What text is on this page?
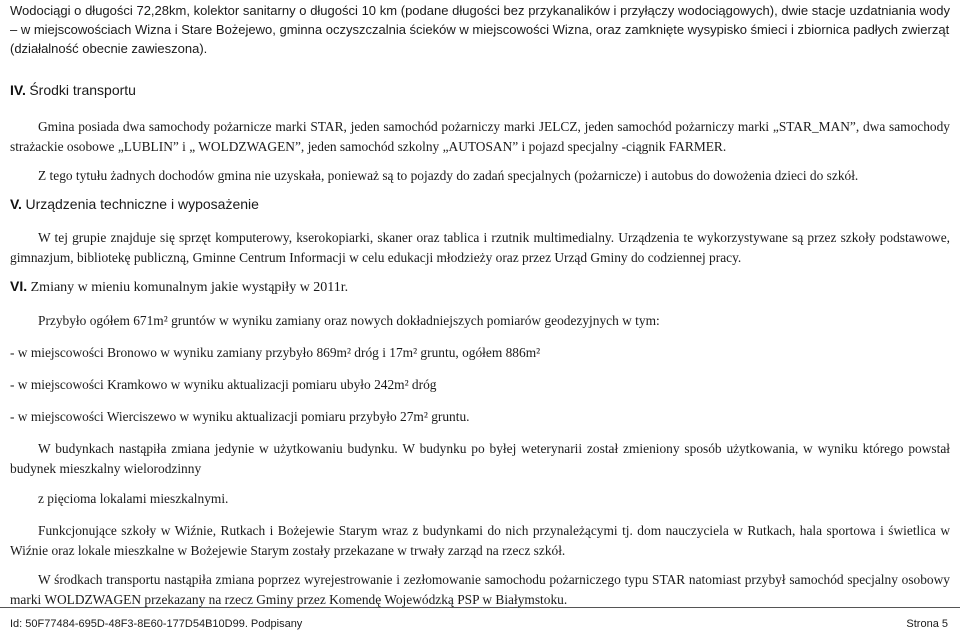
Wodociągi o długości 72,28km, kolektor sanitarny o długości 10 km (podane długości bez przykanalików i przyłączy wodociągowych), dwie stacje uzdatniania wody – w miejscowościach Wizna i Stare Bożejewo, gminna oczyszczalnia ścieków w miejscowości Wizna, oraz zamknięte wysypisko śmieci i zbiornica padłych zwierząt
(działalność obecnie zawieszona).

IV. Środki transportu

Gmina posiada dwa samochody pożarnicze marki STAR, jeden samochód pożarniczy marki JELCZ, jeden samochód pożarniczy marki „STAR_MAN”, dwa samochody strażackie osobowe „LUBLIN” i „ WOLDZWAGEN”, jeden samochód szkolny „AUTOSAN” i pojazd specjalny -ciągnik FARMER.

Z tego tytułu żadnych dochodów gmina nie uzyskała, ponieważ są to pojazdy do zadań specjalnych (pożarnicze) i autobus do dowożenia dzieci do szkół.

V. Urządzenia techniczne i wyposażenie

W tej grupie znajduje się sprzęt komputerowy, kserokopiarki, skaner oraz tablica i rzutnik multimedialny. Urządzenia te wykorzystywane są przez szkoły podstawowe, gimnazjum, bibliotekę publiczną, Gminne Centrum Informacji w celu edukacji młodzieży oraz przez Urząd Gminy do codziennej pracy.

VI. Zmiany w mieniu komunalnym jakie wystąpiły w 2011r.

Przybyło ogółem 671m² gruntów w wyniku zamiany oraz nowych dokładniejszych pomiarów geodezyjnych w tym:

- w miejscowości Bronowo w wyniku zamiany przybyło 869m² dróg i 17m² gruntu, ogółem 886m²

- w miejscowości Kramkowo w wyniku aktualizacji pomiaru ubyło 242m² dróg

- w miejscowości Wierciszewo w wyniku aktualizacji pomiaru przybyło 27m² gruntu.

W budynkach nastąpiła zmiana jedynie w użytkowaniu budynku. W budynku po byłej weterynarii został zmieniony sposób użytkowania, w wyniku którego powstał budynek mieszkalny wielorodzinny

z pięcioma lokalami mieszkalnymi.

Funkcjonujące szkoły w Wiźnie, Rutkach i Bożejewie Starym wraz z budynkami do nich przynależącymi tj. dom nauczyciela w Rutkach, hala sportowa i świetlica w Wiźnie oraz lokale mieszkalne w Bożejewie Starym zostały przekazane w trwały zarząd na rzecz szkół.

W środkach transportu nastąpiła zmiana poprzez wyrejestrowanie i zezłomowanie samochodu pożarniczego typu STAR natomiast przybył samochód specjalny osobowy marki WOLDZWAGEN przekazany na rzecz Gminy przez Komendę Wojewódzką PSP w Białymstoku.

Id: 50F77484-695D-48F3-8E60-177D54B10D99. Podpisany	Strona 5
